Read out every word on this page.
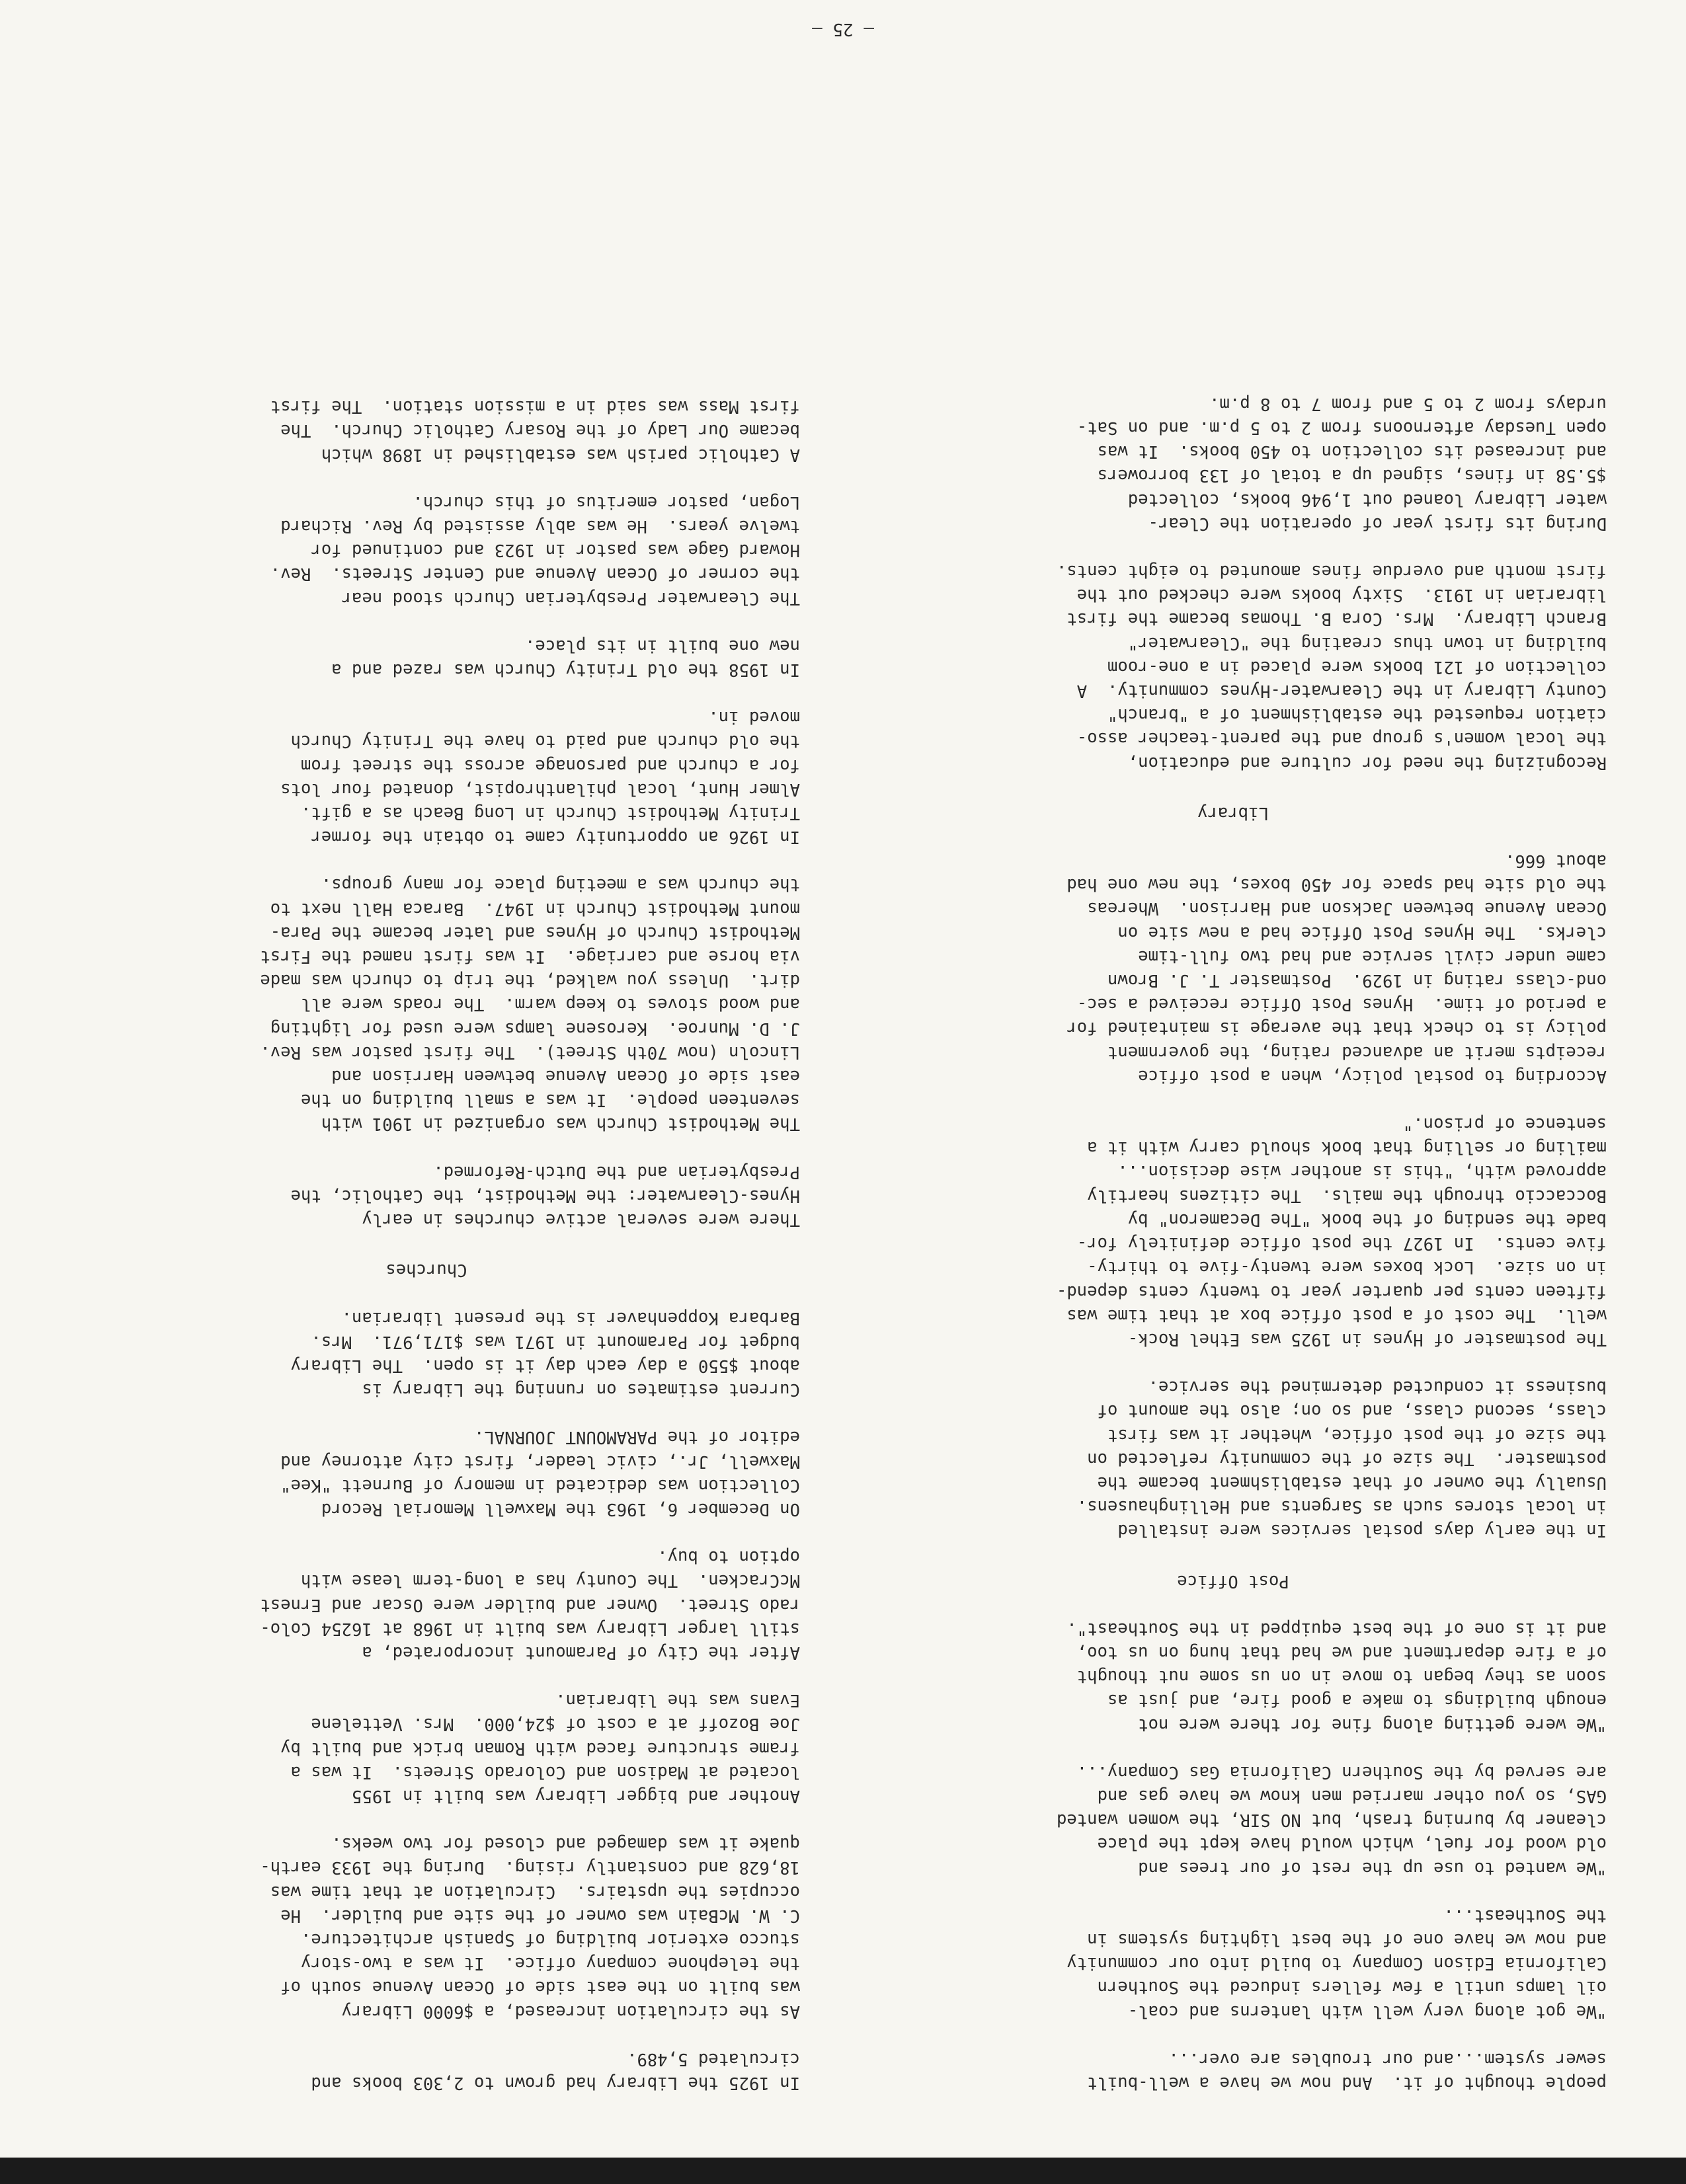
people thought of it.  And now we have a well-built
sewer system...and our troubles are over...

"We got along very well with lanterns and coal-
oil lamps until a few fellers induced the Southern
California Edison Company to build into our community
and now we have one of the best lighting systems in
the Southeast...

"We wanted to use up the rest of our trees and
old wood for fuel, which would have kept the place
cleaner by burning trash, but NO SIR, the women wanted
GAS, so you other married men know we have gas and
are served by the Southern California Gas Company...

"We were getting along fine for there were not
enough buildings to make a good fire, and just as
soon as they began to move in on us some nut thought
of a fire department and we had that hung on us too,
and it is one of the best equipped in the Southeast".

Post Office

In the early days postal services were installed
in local stores such as Sargents and Hellinghausens.
Usually the owner of that establishment became the
postmaster.  The size of the community reflected on
the size of the post office, whether it was first
class, second class, and so on; also the amount of
business it conducted determined the service.

The postmaster of Hynes in 1925 was Ethel Rock-
well.  The cost of a post office box at that time was
fifteen cents per quarter year to twenty cents depend-
in on size.  Lock boxes were twenty-five to thirty-
five cents.  In 1927 the post office definitely for-
bade the sending of the book "The Decameron" by
Boccaccio through the mails.  The citizens heartily
approved with, "this is another wise decision...
mailing or selling that book should carry with it a
sentence of prison."

According to postal policy, when a post office
receipts merit an advanced rating, the government
policy is to check that the average is maintained for
a period of time.  Hynes Post Office received a sec-
ond-class rating in 1929.  Postmaster T. J. Brown
came under civil service and had two full-time
clerks.  The Hynes Post Office had a new site on
Ocean Avenue between Jackson and Harrison.  Whereas
the old site had space for 450 boxes, the new one had
about 666.

Library

Recognizing the need for culture and education,
the local women's group and the parent-teacher asso-
ciation requested the establishment of a "branch"
County Library in the Clearwater-Hynes community.  A
collection of 121 books were placed in a one-room
building in town thus creating the "Clearwater"
Branch Library.  Mrs. Cora B. Thomas became the first
librarian in 1913.  Sixty books were checked out the
first month and overdue fines amounted to eight cents.

During its first year of operation the Clear-
water Library loaned out 1,946 books, collected
$5.58 in fines, signed up a total of 133 borrowers
and increased its collection to 450 books.  It was
open Tuesday afternoons from 2 to 5 p.m. and on Sat-
urdays from 2 to 5 and from 7 to 8 p.m.

In 1925 the Library had grown to 2,303 books and
circulated 5,489.

As the circulation increased, a $6000 Library
was built on the east side of Ocean Avenue south of
the telephone company office.  It was a two-story
stucco exterior building of Spanish architecture.
C. W. McBain was owner of the site and builder.  He
occupies the upstairs.  Circulation at that time was
18,628 and constantly rising.  During the 1933 earth-
quake it was damaged and closed for two weeks.

Another and bigger Library was built in 1955
located at Madison and Colorado Streets.  It was a
frame structure faced with Roman brick and built by
Joe Bozoff at a cost of $24,000.  Mrs. Vettelene
Evans was the librarian.

After the City of Paramount incorporated, a
still larger Library was built in 1968 at 16254 Colo-
rado Street.  Owner and builder were Oscar and Ernest
McCracken.  The County has a long-term lease with
option to buy.

On December 6, 1963 the Maxwell Memorial Record
Collection was dedicated in memory of Burnett "Kee"
Maxwell, Jr., civic leader, first city attorney and
editor of the PARAMOUNT JOURNAL.

Current estimates on running the Library is
about $550 a day each day it is open.  The Library
budget for Paramount in 1971 was $171,971.  Mrs.
Barbara Koppenhaver is the present librarian.

Churches

There were several active churches in early
Hynes-Clearwater: the Methodist, the Catholic, the
Presbyterian and the Dutch-Reformed.

The Methodist Church was organized in 1901 with
seventeen people.  It was a small building on the
east side of Ocean Avenue between Harrison and
Lincoln (now 70th Street).  The first pastor was Rev.
J. D. Munroe.  Kerosene lamps were used for lighting
and wood stoves to keep warm.  The roads were all
dirt.  Unless you walked, the trip to church was made
via horse and carriage.  It was first named the First
Methodist Church of Hynes and later became the Para-
mount Methodist Church in 1947.  Baraca Hall next to
the church was a meeting place for many groups.

In 1926 an opportunity came to obtain the former
Trinity Methodist Church in Long Beach as a gift.
Almer Hunt, local philanthropist, donated four lots
for a church and parsonage across the street from
the old church and paid to have the Trinity Church
moved in.

In 1958 the old Trinity Church was razed and a
new one built in its place.

The Clearwater Presbyterian Church stood near
the corner of Ocean Avenue and Center Streets.  Rev.
Howard Gage was pastor in 1923 and continued for
twelve years.  He was ably assisted by Rev. Richard
Logan, pastor emeritus of this church.

A Catholic parish was established in 1898 which
became Our Lady of the Rosary Catholic Church.  The
first Mass was said in a mission station.  The first

— 25 —
